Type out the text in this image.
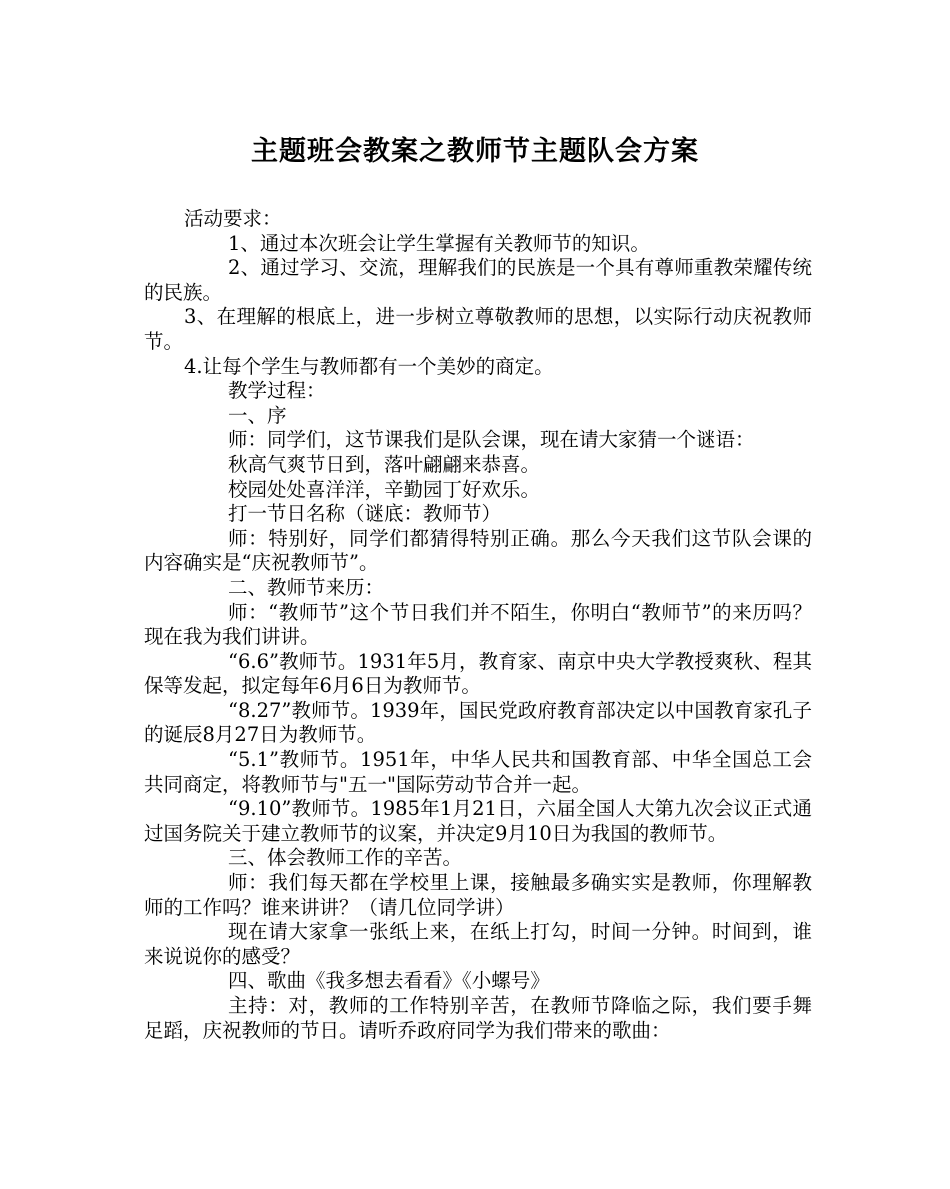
主题班会教案之教师节主题队会方案

活动要求：

1、通过本次班会让学生掌握有关教师节的知识。

2、通过学习、交流，理解我们的民族是一个具有尊师重教荣耀传统的民族。

3、在理解的根底上，进一步树立尊敬教师的思想，以实际行动庆祝教师节。

4.让每个学生与教师都有一个美妙的商定。

教学过程：

一、序

师：同学们，这节课我们是队会课，现在请大家猜一个谜语：

秋高气爽节日到，落叶翩翩来恭喜。

校园处处喜洋洋，辛勤园丁好欢乐。

打一节日名称（谜底：教师节）

师：特别好，同学们都猜得特别正确。那么今天我们这节队会课的内容确实是“庆祝教师节”。

二、教师节来历：

师：“教师节”这个节日我们并不陌生，你明白“教师节”的来历吗？现在我为我们讲讲。

“6.6”教师节。1931年5月，教育家、南京中央大学教授爽秋、程其保等发起，拟定每年6月6日为教师节。

“8.27”教师节。1939年，国民党政府教育部决定以中国教育家孔子的诞辰8月27日为教师节。

“5.1”教师节。1951年，中华人民共和国教育部、中华全国总工会共同商定，将教师节与"五一"国际劳动节合并一起。

“9.10”教师节。1985年1月21日，六届全国人大第九次会议正式通过国务院关于建立教师节的议案，并决定9月10日为我国的教师节。

三、体会教师工作的辛苦。

师：我们每天都在学校里上课，接触最多确实实是教师，你理解教师的工作吗？谁来讲讲？（请几位同学讲）

现在请大家拿一张纸上来，在纸上打勾，时间一分钟。时间到，谁来说说你的感受？

四、歌曲《我多想去看看》《小螺号》

主持：对，教师的工作特别辛苦，在教师节降临之际，我们要手舞足蹈，庆祝教师的节日。请听乔政府同学为我们带来的歌曲：
